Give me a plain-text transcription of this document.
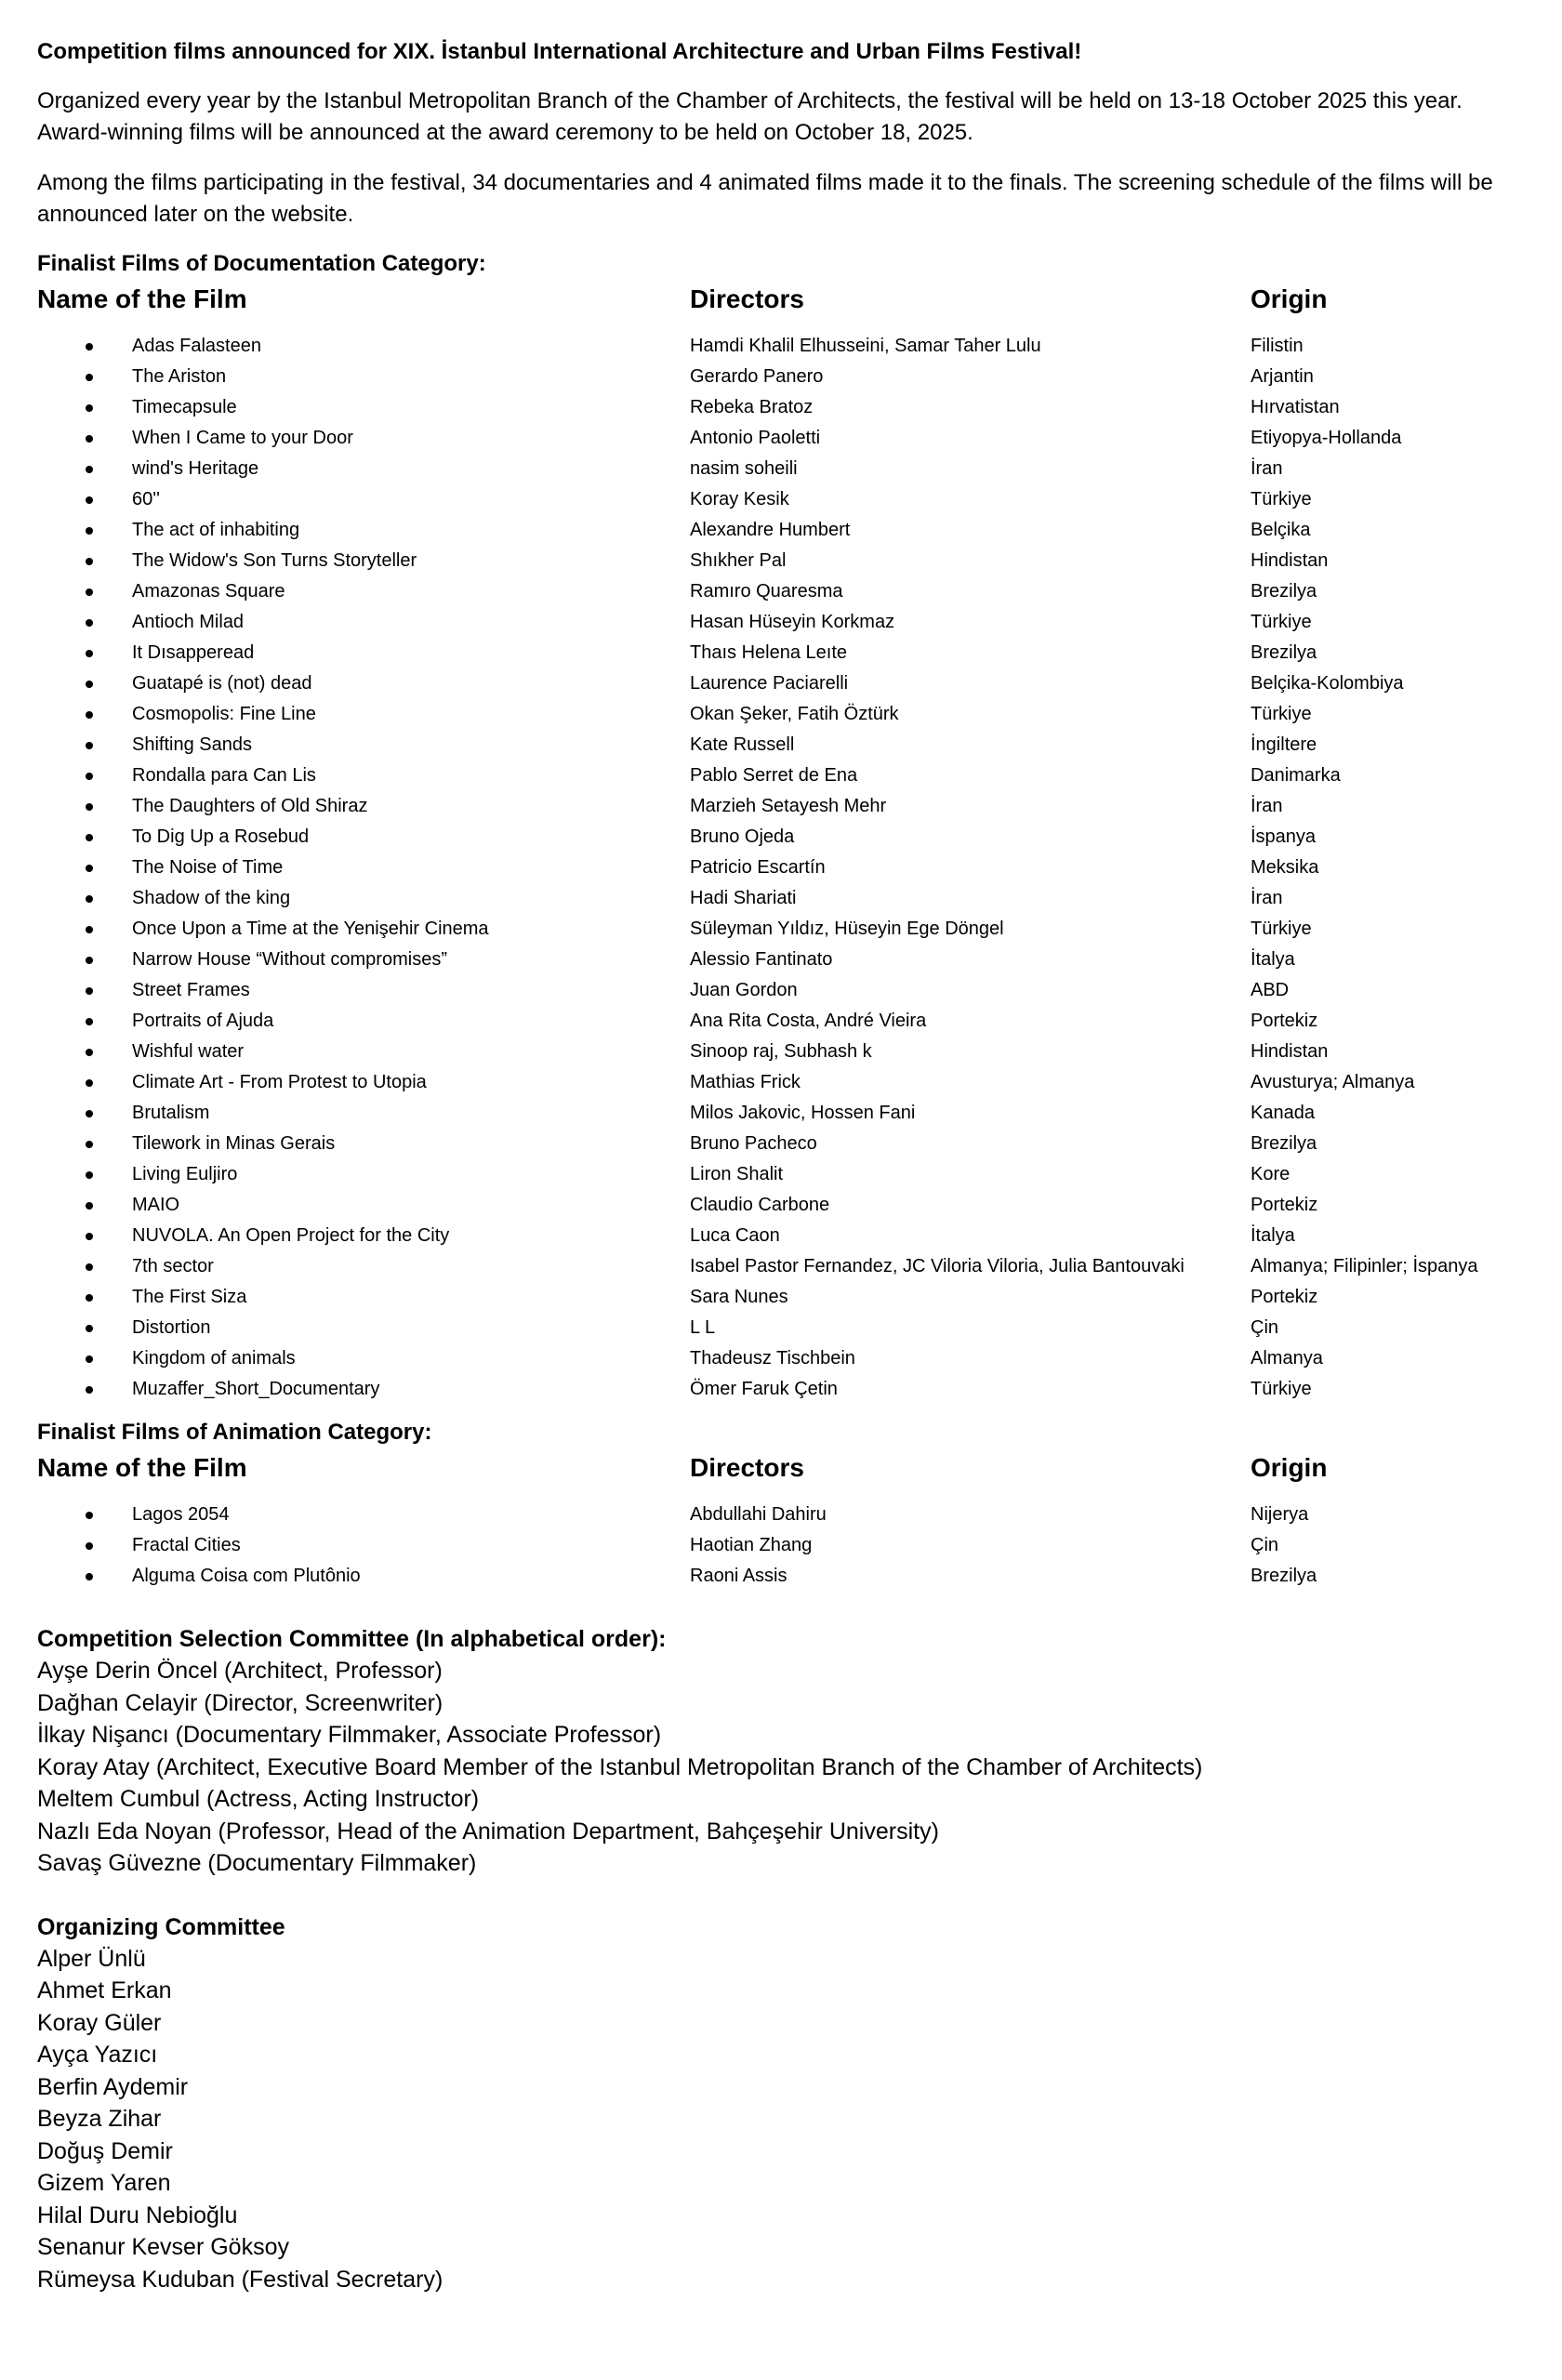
Competition films announced for XIX. İstanbul International Architecture and Urban Films Festival!
Organized every year by the Istanbul Metropolitan Branch of the Chamber of Architects, the festival will be held on 13-18 October 2025 this year. Award-winning films will be announced at the award ceremony to be held on October 18, 2025.
Among the films participating in the festival, 34 documentaries and 4 animated films made it to the finals. The screening schedule of the films will be announced later on the website.
Finalist Films of Documentation Category:
Name of the Film	Directors	Origin
Adas Falasteen	Hamdi Khalil Elhusseini, Samar Taher Lulu	Filistin
The Ariston	Gerardo Panero	Arjantin
Timecapsule	Rebeka Bratoz	Hırvatistan
When I Came to your Door	Antonio Paoletti	Etiyopya-Hollanda
wind's Heritage	nasim soheili	İran
60''	Koray Kesik	Türkiye
The act of inhabiting	Alexandre Humbert	Belçika
The Widow's Son Turns Storyteller	Shıkher Pal	Hindistan
Amazonas Square	Ramıro Quaresma	Brezilya
Antioch Milad	Hasan Hüseyin Korkmaz	Türkiye
It Dısapperead	Thaıs Helena Leıte	Brezilya
Guatapé is (not) dead	Laurence Paciarelli	Belçika-Kolombiya
Cosmopolis: Fine Line	Okan Şeker, Fatih Öztürk	Türkiye
Shifting Sands	Kate Russell	İngiltere
Rondalla para Can Lis	Pablo Serret de Ena	Danimarka
The Daughters of Old Shiraz	Marzieh Setayesh Mehr	İran
To Dig Up a Rosebud	Bruno Ojeda	İspanya
The Noise of Time	Patricio Escartín	Meksika
Shadow of the king	Hadi Shariati	İran
Once Upon a Time at the Yenişehir Cinema	Süleyman Yıldız, Hüseyin Ege Döngel	Türkiye
Narrow House “Without compromises”	Alessio Fantinato	İtalya
Street Frames	Juan Gordon	ABD
Portraits of Ajuda	Ana Rita Costa, André Vieira	Portekiz
Wishful water	Sinoop raj, Subhash k	Hindistan
Climate Art - From Protest to Utopia	Mathias Frick	Avusturya; Almanya
Brutalism	Milos Jakovic, Hossen Fani	Kanada
Tilework in Minas Gerais	Bruno Pacheco	Brezilya
Living Euljiro	Liron Shalit	Kore
MAIO	Claudio Carbone	Portekiz
NUVOLA. An Open Project for the City	Luca Caon	İtalya
7th sector	Isabel Pastor Fernandez, JC Viloria Viloria, Julia Bantouvaki	Almanya; Filipinler; İspanya
The First Siza	Sara Nunes	Portekiz
Distortion	L L	Çin
Kingdom of animals	Thadeusz Tischbein	Almanya
Muzaffer_Short_Documentary	Ömer Faruk Çetin	Türkiye
Finalist Films of Animation Category:
Name of the Film	Directors	Origin
Lagos 2054	Abdullahi Dahiru	Nijerya
Fractal Cities	Haotian Zhang	Çin
Alguma Coisa com Plutônio	Raoni Assis	Brezilya
Competition Selection Committee (In alphabetical order):
Ayşe Derin Öncel (Architect, Professor)
Dağhan Celayir (Director, Screenwriter)
İlkay Nişancı (Documentary Filmmaker, Associate Professor)
Koray Atay (Architect, Executive Board Member of the Istanbul Metropolitan Branch of the Chamber of Architects)
Meltem Cumbul (Actress, Acting Instructor)
Nazlı Eda Noyan (Professor, Head of the Animation Department, Bahçeşehir University)
Savaş Güvezne (Documentary Filmmaker)
Organizing Committee
Alper Ünlü
Ahmet Erkan
Koray Güler
Ayça Yazıcı
Berfin Aydemir
Beyza Zihar
Doğuş Demir
Gizem Yaren
Hilal Duru Nebioğlu
Senanur Kevser Göksoy
Rümeysa Kuduban (Festival Secretary)
